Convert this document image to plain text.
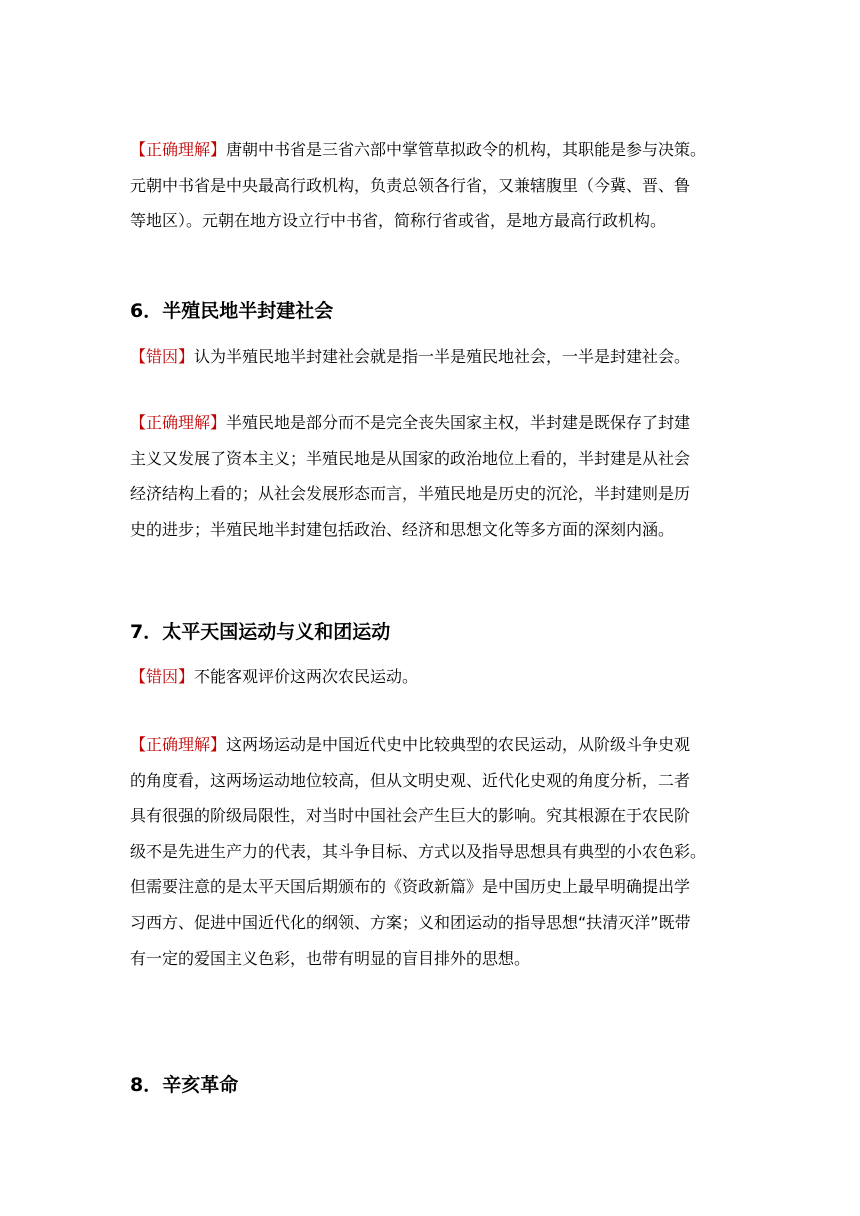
【正确理解】唐朝中书省是三省六部中掌管草拟政令的机构，其职能是参与决策。
元朝中书省是中央最高行政机构，负责总领各行省，又兼辖腹里（今冀、晋、鲁
等地区）。元朝在地方设立行中书省，简称行省或省，是地方最高行政机构。
6．半殖民地半封建社会
【错因】认为半殖民地半封建社会就是指一半是殖民地社会，一半是封建社会。
【正确理解】半殖民地是部分而不是完全丧失国家主权，半封建是既保存了封建
主义又发展了资本主义；半殖民地是从国家的政治地位上看的，半封建是从社会
经济结构上看的；从社会发展形态而言，半殖民地是历史的沉沦，半封建则是历
史的进步；半殖民地半封建包括政治、经济和思想文化等多方面的深刻内涵。
7．太平天国运动与义和团运动
【错因】不能客观评价这两次农民运动。
【正确理解】这两场运动是中国近代史中比较典型的农民运动，从阶级斗争史观
的角度看，这两场运动地位较高，但从文明史观、近代化史观的角度分析，二者
具有很强的阶级局限性，对当时中国社会产生巨大的影响。究其根源在于农民阶
级不是先进生产力的代表，其斗争目标、方式以及指导思想具有典型的小农色彩。
但需要注意的是太平天国后期颁布的《资政新篇》是中国历史上最早明确提出学
习西方、促进中国近代化的纲领、方案；义和团运动的指导思想“扶清灭洋”既带
有一定的爱国主义色彩，也带有明显的盲目排外的思想。
8．辛亥革命
